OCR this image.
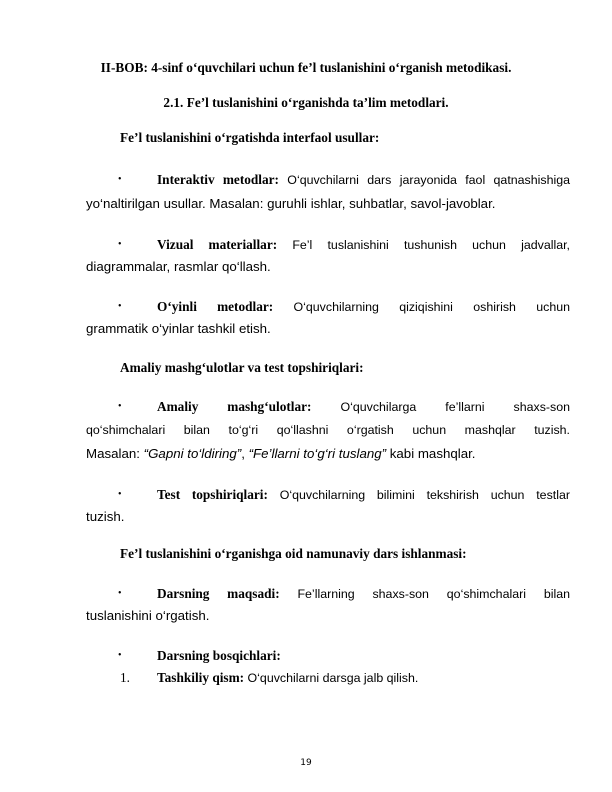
II-BOB: 4-sinf o‘quvchilari uchun fe’l tuslanishini o‘rganish metodikasi.
2.1. Fe’l tuslanishini o‘rganishda ta’lim metodlari.
Fe’l tuslanishini o‘rgatishda interfaol usullar:
•	Interaktiv metodlar: O‘quvchilarni dars jarayonida faol qatnashishiga
yo‘naltirilgan usullar. Masalan: guruhli ishlar, suhbatlar, savol-javoblar.
•	Vizual materiallar: Fe’l tuslanishini tushunish uchun jadvallar,
diagrammalar, rasmlar qo‘llash.
•	O‘yinli metodlar: O‘quvchilarning qiziqishini oshirish uchun
grammatik o‘yinlar tashkil etish.
Amaliy mashg‘ulotlar va test topshiriqlari:
•	Amaliy mashg‘ulotlar: O‘quvchilarga fe’llarni shaxs-son
qo‘shimchalari bilan to‘g‘ri qo‘llashni o‘rgatish uchun mashqlar tuzish.
Masalan: “Gapni to‘ldiring”, “Fe’llarni to‘g‘ri tuslang” kabi mashqlar.
•	Test topshiriqlari: O‘quvchilarning bilimini tekshirish uchun testlar
tuzish.
Fe’l tuslanishini o‘rganishga oid namunaviy dars ishlanmasi:
•	Darsning maqsadi: Fe’llarning shaxs-son qo‘shimchalari bilan
tuslanishini o‘rgatish.
•	Darsning bosqichlari:
1. Tashkiliy qism: O‘quvchilarni darsga jalb qilish.
19
